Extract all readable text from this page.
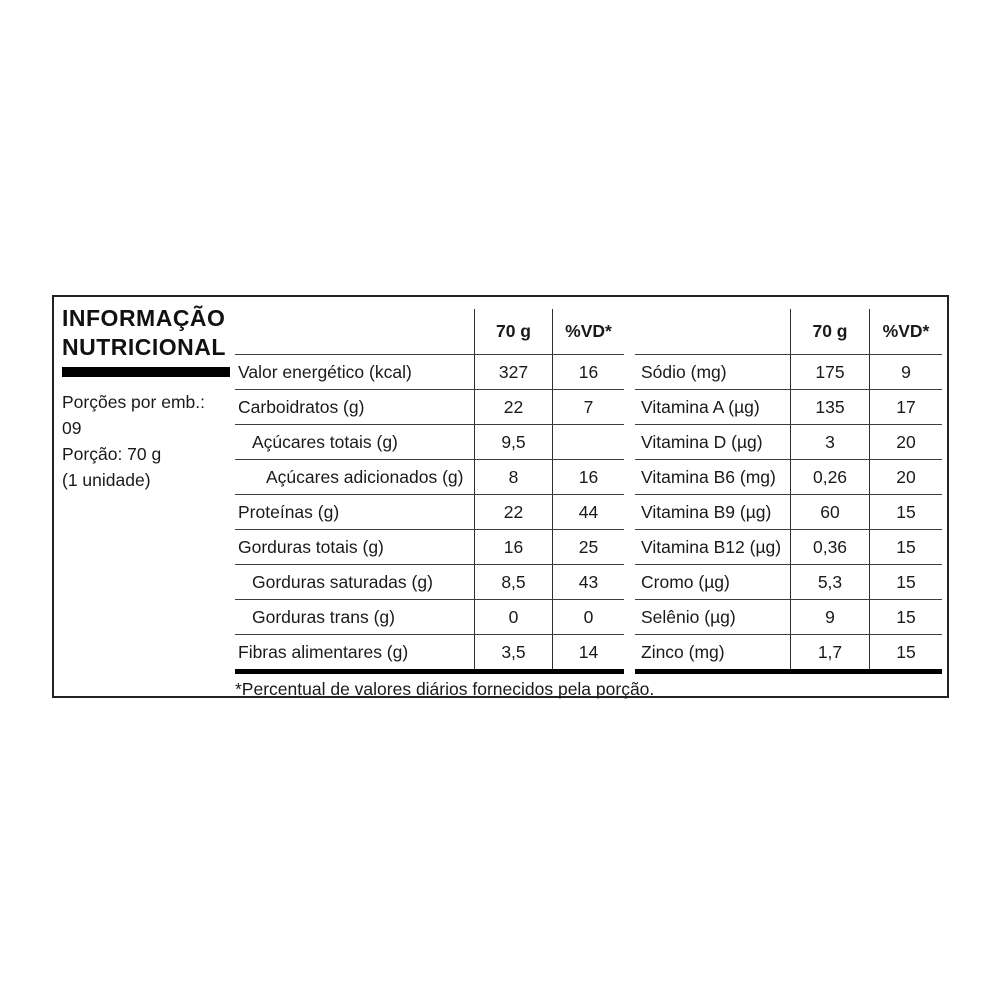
INFORMAÇÃO
NUTRICIONAL
Porções por emb.:
09
Porção: 70 g
(1 unidade)
70 g	%VD*
Valor energético (kcal)	327	16
Carboidratos (g)	22	7
Açúcares totais (g)	9,5
Açúcares adicionados (g)	8	16
Proteínas (g)	22	44
Gorduras totais (g)	16	25
Gorduras saturadas (g)	8,5	43
Gorduras trans (g)	0	0
Fibras alimentares (g)	3,5	14
70 g	%VD*
Sódio (mg)	175	9
Vitamina A (µg)	135	17
Vitamina D (µg)	3	20
Vitamina B6 (mg)	0,26	20
Vitamina B9 (µg)	60	15
Vitamina B12 (µg)	0,36	15
Cromo (µg)	5,3	15
Selênio (µg)	9	15
Zinco (mg)	1,7	15
*Percentual de valores diários fornecidos pela porção.
